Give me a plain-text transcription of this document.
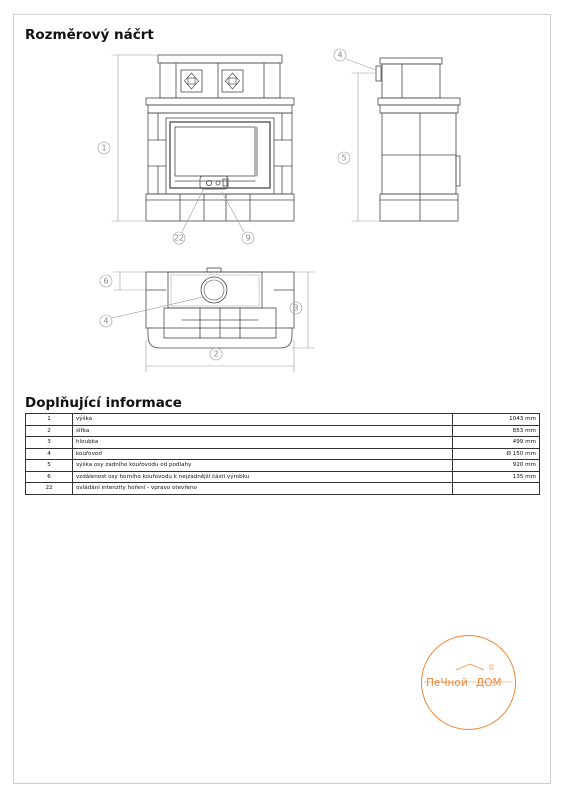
Rozměrový náčrt
1
22	9
5
4
6
4
3
2
Doplňující informace
1	výška	1043 mm
2	šířka	853 mm
3	hloubka	499 mm
4	kouřovod	Ø 150 mm
5	výška osy zadního kouřovodu od podlahy	920 mm
6	vzdálenost osy horního kouřovodu k nejzadnější části výrobku	135 mm
22	ovládání intenzity hoření - vpravo otevřeno	
ПеЧной ДОМ
